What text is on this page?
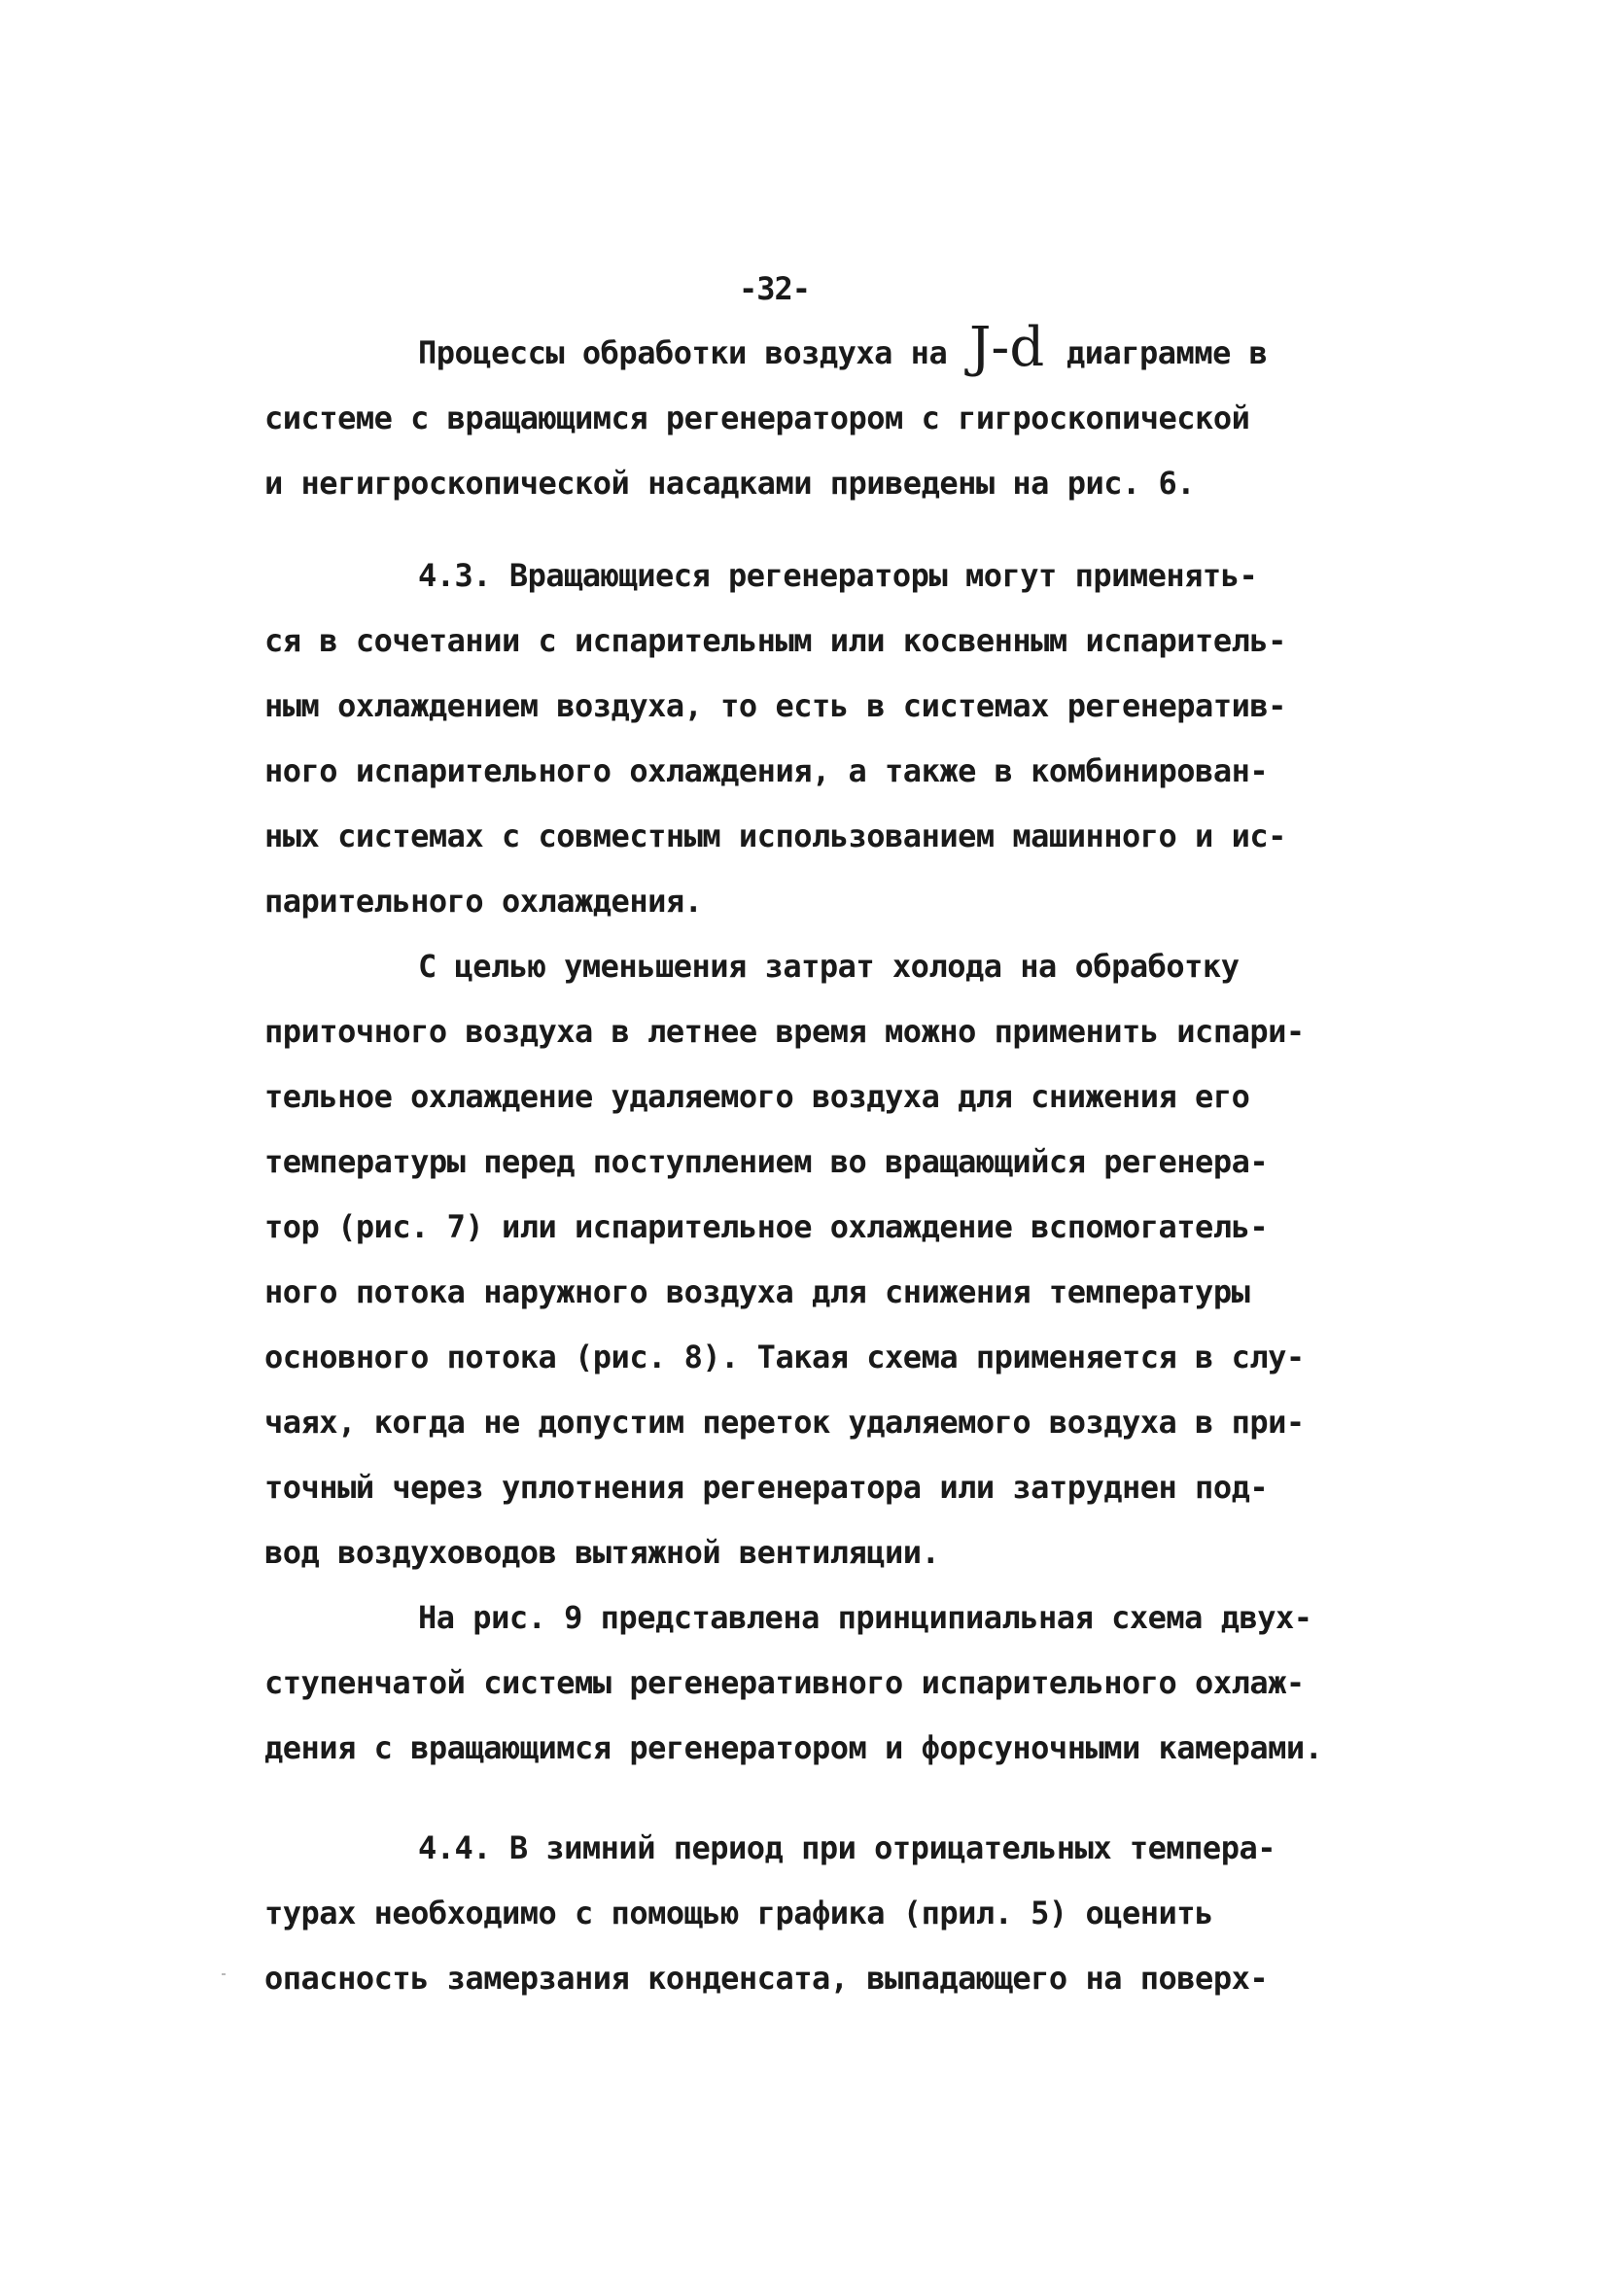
-32-
Процессы обработки воздуха на J-d диаграмме в
системе с вращающимся регенератором с гигроскопической
и негигроскопической насадками приведены на рис. 6.
4.3. Вращающиеся регенераторы могут применять-
ся в сочетании с испарительным или косвенным испаритель-
ным охлаждением воздуха, то есть в системах регенератив-
ного испарительного охлаждения, а также в комбинирован-
ных системах с совместным использованием машинного и ис-
парительного охлаждения.
С целью уменьшения затрат холода на обработку
приточного воздуха в летнее время можно применить испари-
тельное охлаждение удаляемого воздуха для снижения его
температуры перед поступлением во вращающийся регенера-
тор (рис. 7) или испарительное охлаждение вспомогатель-
ного потока наружного воздуха для снижения температуры
основного потока (рис. 8). Такая схема применяется в слу-
чаях, когда не допустим переток удаляемого воздуха в при-
точный через уплотнения регенератора или затруднен под-
вод воздуховодов вытяжной вентиляции.
На рис. 9 представлена принципиальная схема двух-
ступенчатой системы регенеративного испарительного охлаж-
дения с вращающимся регенератором и форсуночными камерами.
4.4. В зимний период при отрицательных темпера-
турах необходимо с помощью графика (прил. 5) оценить
опасность замерзания конденсата, выпадающего на поверх-
